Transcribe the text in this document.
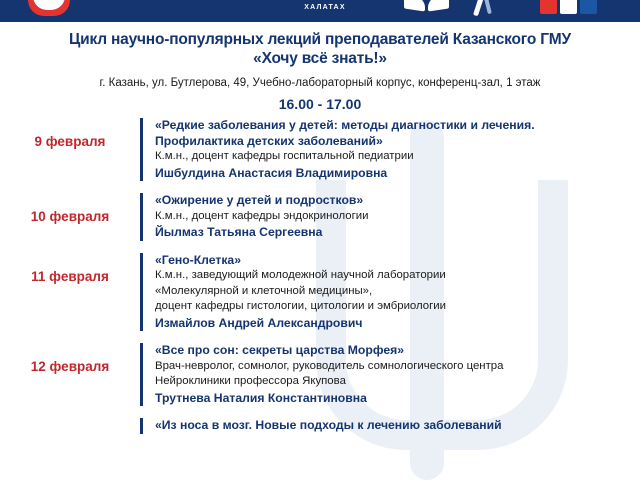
ХАЛАТАХ
Цикл научно-популярных лекций преподавателей Казанского ГМУ
«Хочу всё знать!»
г. Казань, ул. Бутлерова, 49, Учебно-лабораторный корпус, конференц-зал, 1 этаж
16.00 - 17.00
9 февраля
«Редкие заболевания у детей: методы диагностики и лечения.
Профилактика детских заболеваний»
К.м.н., доцент кафедры госпитальной педиатрии
Ишбулдина Анастасия Владимировна
10 февраля
«Ожирение у детей и подростков»
К.м.н., доцент кафедры эндокринологии
Йылмаз Татьяна Сергеевна
11 февраля
«Гено-Клетка»
К.м.н., заведующий молодежной научной лаборатории
«Молекулярной и клеточной медицины»,
доцент кафедры гистологии, цитологии и эмбриологии
Измайлов Андрей Александрович
12 февраля
«Все про сон: секреты царства Морфея»
Врач-невролог, сомнолог, руководитель сомнологического центра
Нейроклиники профессора Якупова
Трутнева Наталия Константиновна
«Из носа в мозг. Новые подходы к лечению заболеваний
